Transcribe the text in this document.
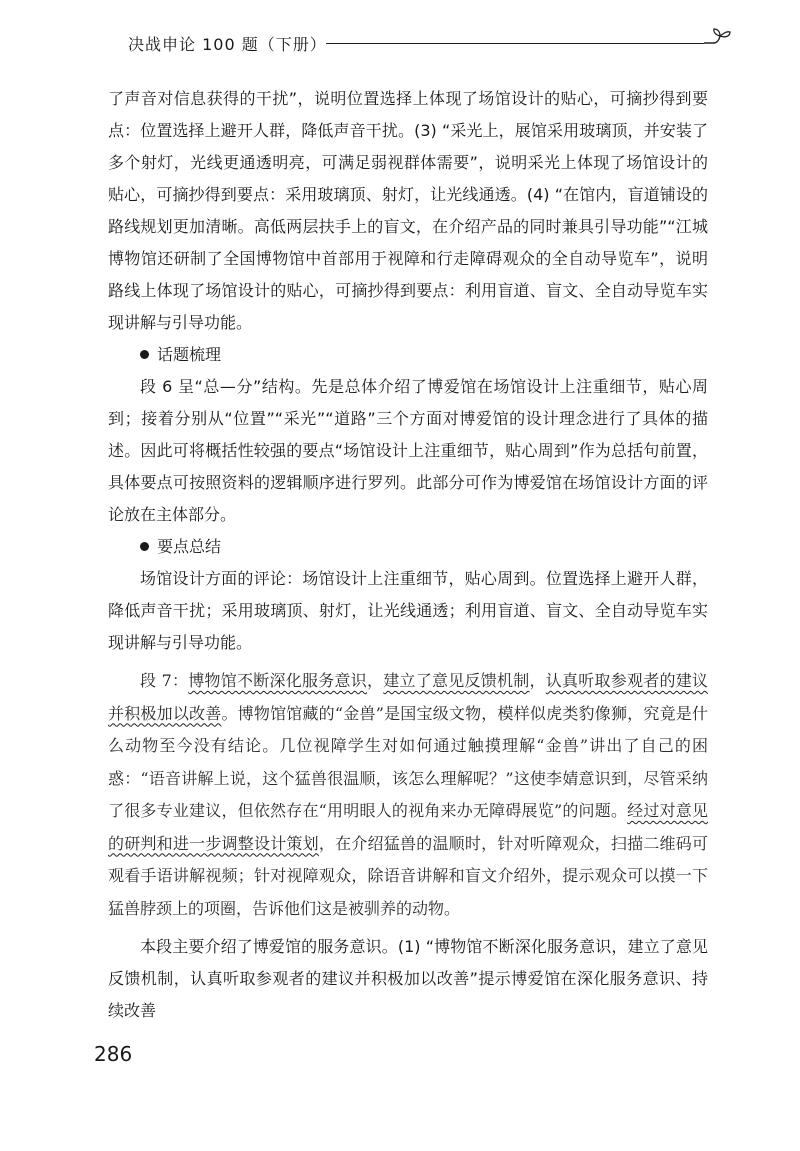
决战申论 100 题（下册）

了声音对信息获得的干扰”，说明位置选择上体现了场馆设计的贴心，可摘抄得到要点：位置选择上避开人群，降低声音干扰。(3) “采光上，展馆采用玻璃顶，并安装了多个射灯，光线更通透明亮，可满足弱视群体需要”，说明采光上体现了场馆设计的贴心，可摘抄得到要点：采用玻璃顶、射灯，让光线通透。(4) “在馆内，盲道铺设的路线规划更加清晰。高低两层扶手上的盲文，在介绍产品的同时兼具引导功能”“江城博物馆还研制了全国博物馆中首部用于视障和行走障碍观众的全自动导览车”，说明路线上体现了场馆设计的贴心，可摘抄得到要点：利用盲道、盲文、全自动导览车实现讲解与引导功能。

话题梳理

段 6 呈“总—分”结构。先是总体介绍了博爱馆在场馆设计上注重细节，贴心周到；接着分别从“位置”“采光”“道路”三个方面对博爱馆的设计理念进行了具体的描述。因此可将概括性较强的要点“场馆设计上注重细节，贴心周到”作为总括句前置，具体要点可按照资料的逻辑顺序进行罗列。此部分可作为博爱馆在场馆设计方面的评论放在主体部分。

要点总结

场馆设计方面的评论：场馆设计上注重细节，贴心周到。位置选择上避开人群，降低声音干扰；采用玻璃顶、射灯，让光线通透；利用盲道、盲文、全自动导览车实现讲解与引导功能。

段 7：博物馆不断深化服务意识，建立了意见反馈机制，认真听取参观者的建议并积极加以改善。博物馆馆藏的“金兽”是国宝级文物，模样似虎类豹像狮，究竟是什么动物至今没有结论。几位视障学生对如何通过触摸理解“金兽”讲出了自己的困惑：“语音讲解上说，这个猛兽很温顺，该怎么理解呢？”这使李婧意识到，尽管采纳了很多专业建议，但依然存在“用明眼人的视角来办无障碍展览”的问题。经过对意见的研判和进一步调整设计策划，在介绍猛兽的温顺时，针对听障观众，扫描二维码可观看手语讲解视频；针对视障观众，除语音讲解和盲文介绍外，提示观众可以摸一下猛兽脖颈上的项圈，告诉他们这是被驯养的动物。

本段主要介绍了博爱馆的服务意识。(1) “博物馆不断深化服务意识，建立了意见反馈机制，认真听取参观者的建议并积极加以改善”提示博爱馆在深化服务意识、持续改善

286
